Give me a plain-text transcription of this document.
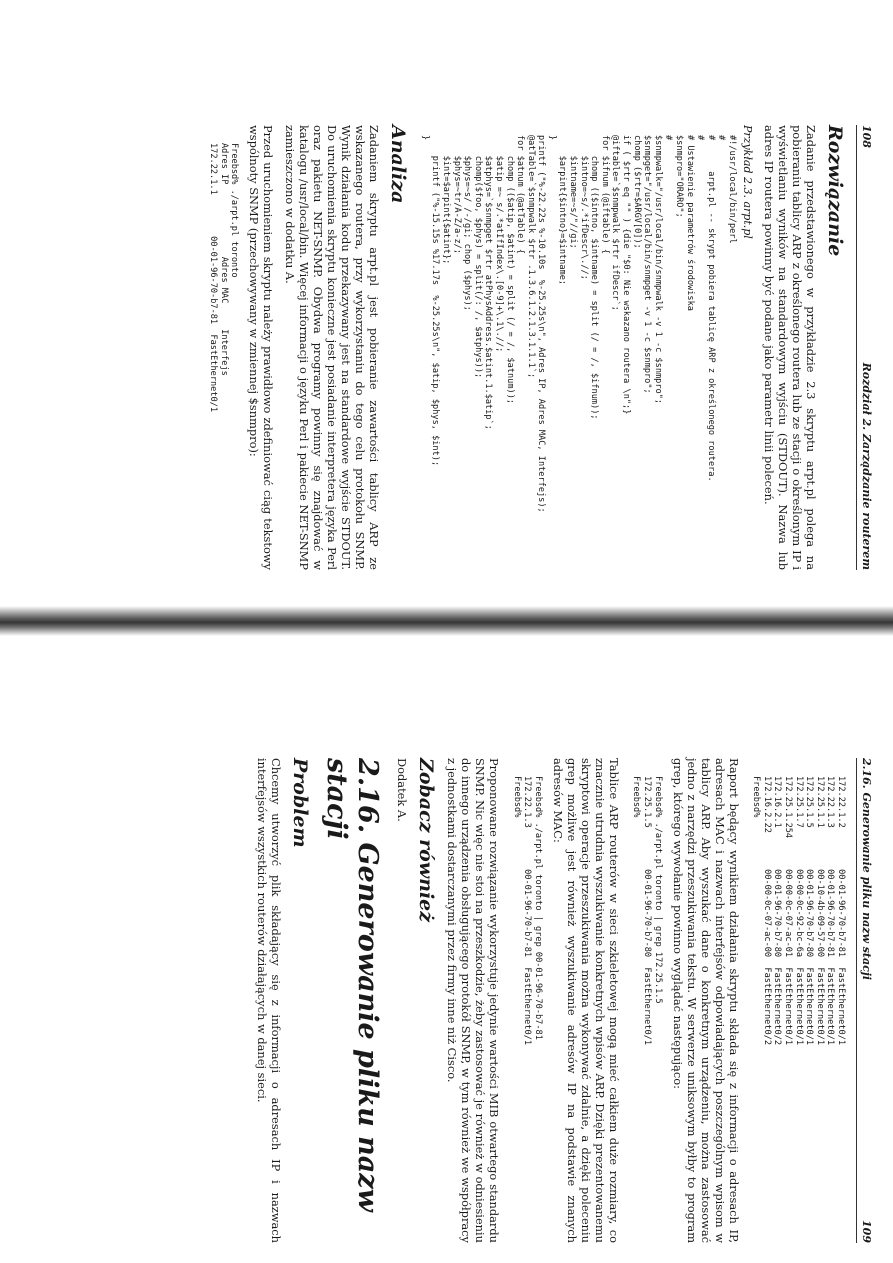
108
Rozdział 2. Zarządzanie routerem
Rozwiązanie

Zadanie przedstawionego w przykładzie 2.3 skryptu arpt.pl polega na pobieraniu tablicy ARP z określonego routera lub ze stacji o określonym IP i wyświetlaniu wyników na standardowym wyjściu (STDOUT). Nazwa lub adres IP routera powinny być podane jako parametr linii poleceń.

Przykład 2.3. arpt.pl
#!/usr/local/bin/perl
#
#      arpt.pl -- skrypt pobiera tablicę ARP z określonego routera.
#
# Ustawienie parametrów środowiska
$snmpro="ORARO";
#
$snmpwalk="/usr/local/bin/snmpwalk -v 1 -c $snmpro";
$snmpget="/usr/local/bin/snmpget -v 1 -c $snmpro";
chomp ($rtr=$ARGV[0]);
if ( $rtr eq "" ) {die "$0: Nie wskazano routera \n";}
@iftable=`$snmpwalk $rtr ifDescr`;
for $ifnum (@iftable) {
chomp (($intno, $intname) = split (/ = /, $ifnum));
$intno=~s/.*ifDescr\.//;
$intname=~s/"//gi;
$arpint{$intno}=$intname;
}
printf ("%-22.22s %-10.10s  %-25.25s\n", Adres IP, Adres MAC, Interfejs);
@atTable=`$snmpwalk $rtr .1.3.6.1.2.1.3.1.1.1`;
for $atnum (@atTable) {
chomp (($atip, $atint) = split (/ = /, $atnum));
$atip =~ s/.*atIfIndex\.[0-9]+\.1\.//;
$atphys=`$snmpget $rtr atPhysAddress.$atint.1.$atip`;
chomp($foo, $phys) = split(/: /, $atphys));
$phys=~s/ /-/gi; chop ($phys);
$phys=~tr/A-Z/a-z/;
$int=$arpint{$atint};
printf ("%-15.15s %17.17s  %-25.25s\n", $atip, $phys, $int);
}
Analiza

Zadaniem skryptu arpt.pl jest pobieranie zawartości tablicy ARP ze wskazanego routera, przy wykorzystaniu do tego celu protokołu SNMP. Wynik działania kodu przekazywany jest na standardowe wyjście STDOUT. Do uruchomienia skryptu konieczne jest posiadanie interpretera języka Perl oraz pakietu NET-SNMP. Obydwa programy powinny się znajdować w katalogu /usr/local/bin. Więcej informacji o języku Perl i pakiecie NET-SNMP zamieszczono w dodatku A.

Przed uruchomieniem skryptu należy prawidłowo zdefiniować ciąg tekstowy wspólnoty SNMP (przechowywany w zmiennej $snmpro):

Freebsd% ./arpt.pl toronto
Adres IP              Adres MAC     Interfejs
172.22.1.1        00-01-96-70-b7-81  FastEthernet0/1
2.16. Generowanie pliku nazw stacji
109
172.22.1.2        00-01-96-70-b7-81  FastEthernet0/1
172.22.1.3        00-01-96-70-b7-81  FastEthernet0/1
172.25.1.1        00-10-4b-09-57-00  FastEthernet0/1
172.25.1.5        00-01-96-70-b7-80  FastEthernet0/1
172.25.1.7        00-00-0c-92-bc-6a  FastEthernet0/1
172.25.1.254      00-00-0c-07-ac-01  FastEthernet0/1
172.16.2.1        00-01-96-70-b7-80  FastEthernet0/2
172.16.2.22       00-00-0c-07-ac-00  FastEthernet0/2
Freebsd%

Raport będący wynikiem działania skryptu składa się z informacji o adresach IP, adresach MAC i nazwach interfejsów odpowiadających poszczególnym wpisom w tablicy ARP. Aby wyszukać dane o konkretnym urządzeniu, można zastosować jedno z narzędzi przeszukiwania tekstu. W serwerze uniksowym byłby to program grep, którego wywołanie powinno wyglądać następująco:

Freebsd% ./arpt.pl toronto | grep 172.25.1.5
172.25.1.5        00-01-96-70-b7-80  FastEthernet0/1
Freebsd%

Tablice ARP routerów w sieci szkieletowej mogą mieć całkiem duże rozmiary, co znacznie utrudnia wyszukiwanie konkretnych wpisów ARP. Dzięki prezentowanemu skryptowi operacje przeszukiwania można wykonywać zdalnie, a dzięki poleceniu grep możliwe jest również wyszukiwanie adresów IP na podstawie znanych adresów MAC:

Freebsd% ./arpt.pl toronto | grep 00-01-96-70-b7-81
172.22.1.3        00-01-96-70-b7-81  FastEthernet0/1
Freebsd%

Proponowane rozwiązanie wykorzystuje jedynie wartości MIB otwartego standardu SNMP. Nic więc nie stoi na przeszkodzie, żeby zastosować je również w odniesieniu do innego urządzenia obsługującego protokół SNMP, w tym również we współpracy z jednostkami dostarczanymi przez firmy inne niż Cisco.

Zobacz również

Dodatek A.

2.16. Generowanie pliku nazw stacji
Problem

Chcemy utworzyć plik składający się z informacji o adresach IP i nazwach interfejsów wszystkich routerów działających w danej sieci.
